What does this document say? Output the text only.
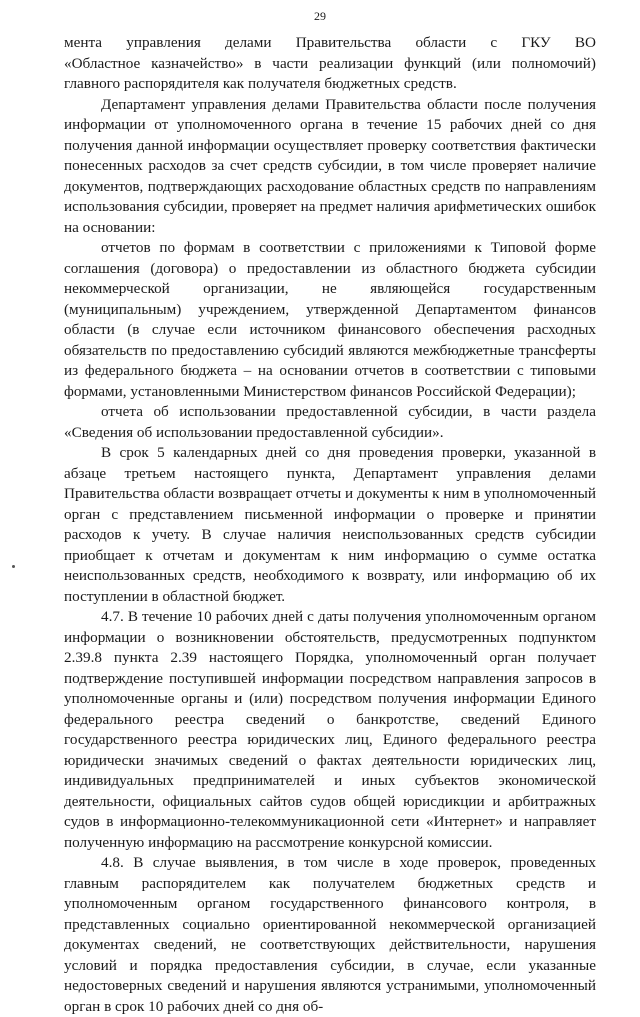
29
мента управления делами Правительства области с ГКУ ВО

«Областное казначейство» в части реализации функций (или полномочий) главного распорядителя как получателя бюджетных средств.

Департамент управления делами Правительства области после получения информации от уполномоченного органа в течение 15 рабочих дней со дня получения данной информации осуществляет проверку соответствия фактически понесенных расходов за счет средств субсидии, в том числе проверяет наличие документов, подтверждающих расходование областных средств по направлениям использования субсидии, проверяет на предмет наличия арифметических ошибок на основании:

отчетов по формам в соответствии с приложениями к Типовой форме соглашения (договора) о предоставлении из областного бюджета субсидии некоммерческой организации, не являющейся государственным (муниципальным) учреждением, утвержденной Департаментом финансов области (в случае если источником финансового обеспечения расходных обязательств по предоставлению субсидий являются межбюджетные трансферты из федерального бюджета – на основании отчетов в соответствии с типовыми формами, установленными Министерством финансов Российской Федерации);

отчета об использовании предоставленной субсидии, в части раздела «Сведения об использовании предоставленной субсидии».

В срок 5 календарных дней со дня проведения проверки, указанной в абзаце третьем настоящего пункта, Департамент управления делами Правительства области возвращает отчеты и документы к ним в уполномоченный орган с представлением письменной информации о проверке и принятии расходов к учету. В случае наличия неиспользованных средств субсидии приобщает к отчетам и документам к ним информацию о сумме остатка неиспользованных средств, необходимого к возврату, или информацию об их поступлении в областной бюджет.

4.7. В течение 10 рабочих дней с даты получения уполномоченным органом информации о возникновении обстоятельств, предусмотренных подпунктом 2.39.8 пункта 2.39 настоящего Порядка, уполномоченный орган получает подтверждение поступившей информации посредством направления запросов в уполномоченные органы и (или) посредством получения информации Единого федерального реестра сведений о банкротстве, сведений Единого государственного реестра юридических лиц, Единого федерального реестра юридически значимых сведений о фактах деятельности юридических лиц, индивидуальных предпринимателей и иных субъектов экономической деятельности, официальных сайтов судов общей юрисдикции и арбитражных судов в информационно-телекоммуникационной сети «Интернет» и направляет полученную информацию на рассмотрение конкурсной комиссии.

4.8. В случае выявления, в том числе в ходе проверок, проведенных главным распорядителем как получателем бюджетных средств и уполномоченным органом государственного финансового контроля, в представленных социально ориентированной некоммерческой организацией документах сведений, не соответствующих действительности, нарушения условий и порядка предоставления субсидии, в случае, если указанные недостоверных сведений и нарушения являются устранимыми, уполномоченный орган в срок 10 рабочих дней со дня об-
